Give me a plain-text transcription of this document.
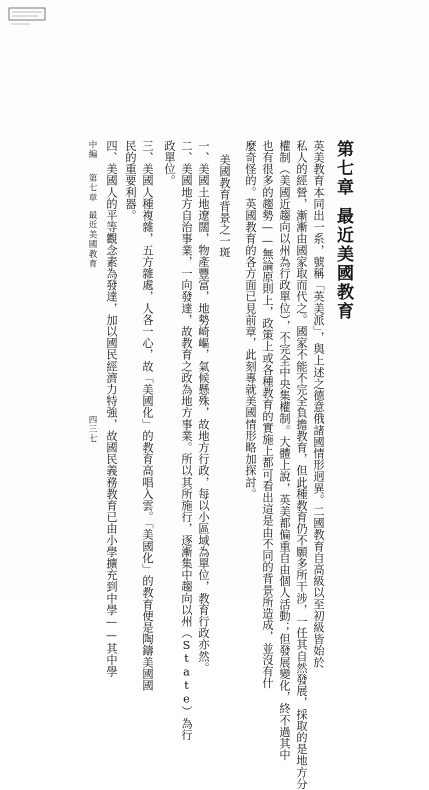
第七章最近美國教育
英美教育本同出一系，號稱「英美派」，與上述之德意俄諸國情形迥異。二國教育自高級以至初級皆始於
私人的經營，漸漸由國家取而代之。國家不能不完全負擔教育，但此種教育仍不願多所干涉，一任其自然發展，採取的是地方分
權制（美國近趨向以州為行政單位），不完全中央集權制。大體上說，英美都偏重自由個人活動；但發展變化，終不過其中
也有很多的趨勢——無論原則上，政策上或各種教育的實施上都可看出這是由不同的背景所造成，並沒有什
麼奇怪的。英國教育的各方面已見前章，此刻專就美國情形略加探討。
美國教育背景之一斑
一、美國土地遼闊，物產豐富，地勢崎嶇，氣候懸殊，故地方行政，每以小區域為單位，教育行政亦然。
二、美國地方自治事業，一向發達，故教育之政為地方事業。所以其所施行，逐漸集中趨向以州（State）為行
政單位。
三、美國人種複雜，五方雜處，人各一心，故「美國化」的教育高唱入雲。「美國化」的教育便是陶鑄美國國
民的重要利器。
四、美國人的平等觀念素為發達，加以國民經濟力特強，故國民義務教育已由小學擴充到中學——其中學
中編第七章最近美國教育
四三七
